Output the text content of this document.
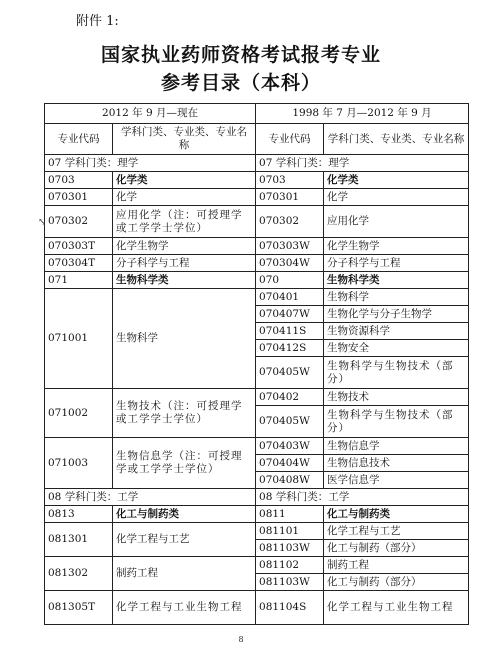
附件 1:
国家执业药师资格考试报考专业
参考目录（本科）
2012 年 9 月—现在		1998 年 7 月—2012 年 9 月	
专业代码	学科门类、专业类、专业名称	专业代码	学科门类、专业类、专业名称
07 学科门类：理学		07 学科门类：理学	
0703	化学类	0703	化学类
070301	化学	070301	化学
070302	应用化学（注：可授理学或工学学士学位）	070302	应用化学
070303T	化学生物学	070303W	化学生物学
070304T	分子科学与工程	070304W	分子科学与工程
071	生物科学类	070	生物科学类
071001	生物科学	070401	生物科学
		070407W	生物化学与分子生物学
		070411S	生物资源科学
		070412S	生物安全
		070405W	生物科学与生物技术（部分）
071002	生物技术（注：可授理学或工学学士学位）	070402	生物技术
		070405W	生物科学与生物技术（部分）
071003	生物信息学（注：可授理学或工学学士学位）	070403W	生物信息学
		070404W	生物信息技术
		070408W	医学信息学
08 学科门类：工学		08 学科门类：工学	
0813	化工与制药类	0811	化工与制药类
081301	化学工程与工艺	081101	化学工程与工艺
		081103W	化工与制药（部分）
081302	制药工程	081102	制药工程
		081103W	化工与制药（部分）
081305T	化学工程与工业生物工程	081104S	化学工程与工业生物工程
⤡
8
